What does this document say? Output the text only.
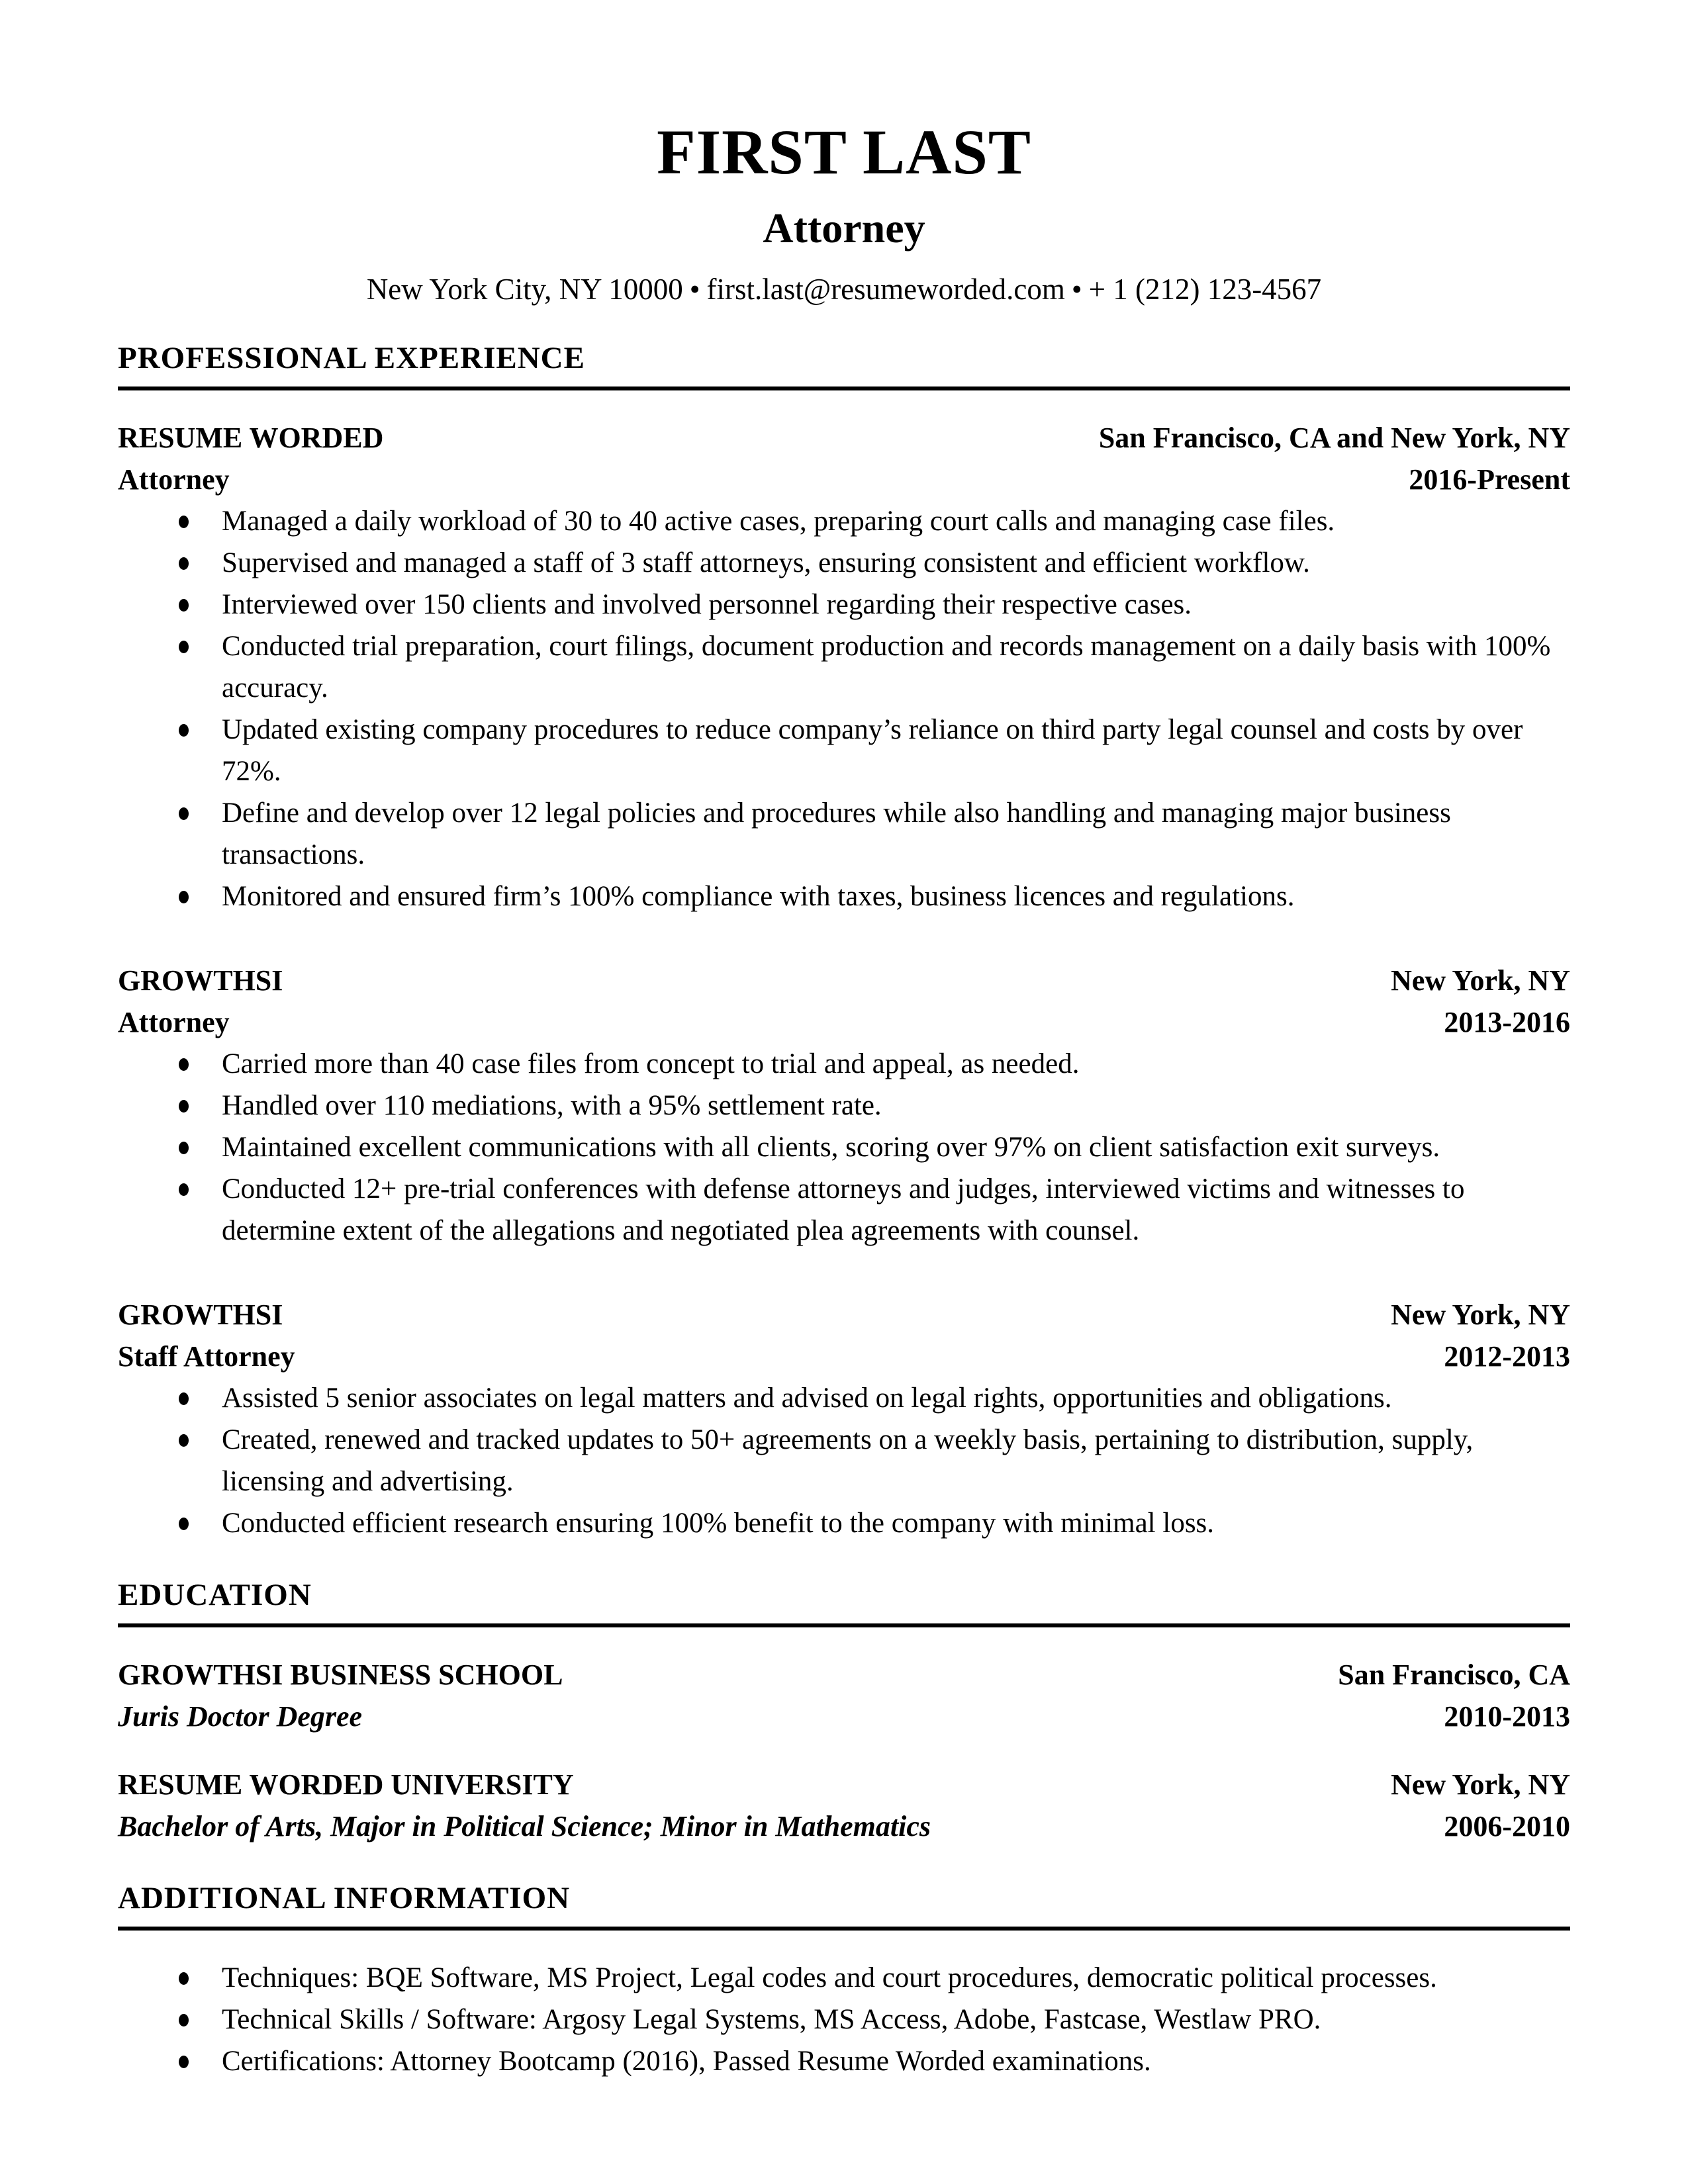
FIRST LAST
Attorney
New York City, NY 10000 • first.last@resumeworded.com • + 1 (212) 123-4567
PROFESSIONAL EXPERIENCE
RESUME WORDED	San Francisco, CA and New York, NY
Attorney	2016-Present
Managed a daily workload of 30 to 40 active cases, preparing court calls and managing case files.
Supervised and managed a staff of 3 staff attorneys, ensuring consistent and efficient workflow.
Interviewed over 150 clients and involved personnel regarding their respective cases.
Conducted trial preparation, court filings, document production and records management on a daily basis with 100% accuracy.
Updated existing company procedures to reduce company’s reliance on third party legal counsel and costs by over 72%.
Define and develop over 12 legal policies and procedures while also handling and managing major business transactions.
Monitored and ensured firm’s 100% compliance with taxes, business licences and regulations.
GROWTHSI	New York, NY
Attorney	2013-2016
Carried more than 40 case files from concept to trial and appeal, as needed.
Handled over 110 mediations, with a 95% settlement rate.
Maintained excellent communications with all clients, scoring over 97% on client satisfaction exit surveys.
Conducted 12+ pre-trial conferences with defense attorneys and judges, interviewed victims and witnesses to determine extent of the allegations and negotiated plea agreements with counsel.
GROWTHSI	New York, NY
Staff Attorney	2012-2013
Assisted 5 senior associates on legal matters and advised on legal rights, opportunities and obligations.
Created, renewed and tracked updates to 50+ agreements on a weekly basis, pertaining to distribution, supply, licensing and advertising.
Conducted efficient research ensuring 100% benefit to the company with minimal loss.
EDUCATION
GROWTHSI BUSINESS SCHOOL	San Francisco, CA
Juris Doctor Degree	2010-2013
RESUME WORDED UNIVERSITY	New York, NY
Bachelor of Arts, Major in Political Science; Minor in Mathematics	2006-2010
ADDITIONAL INFORMATION
Techniques: BQE Software, MS Project, Legal codes and court procedures, democratic political processes.
Technical Skills / Software: Argosy Legal Systems, MS Access, Adobe, Fastcase, Westlaw PRO.
Certifications: Attorney Bootcamp (2016), Passed Resume Worded examinations.
